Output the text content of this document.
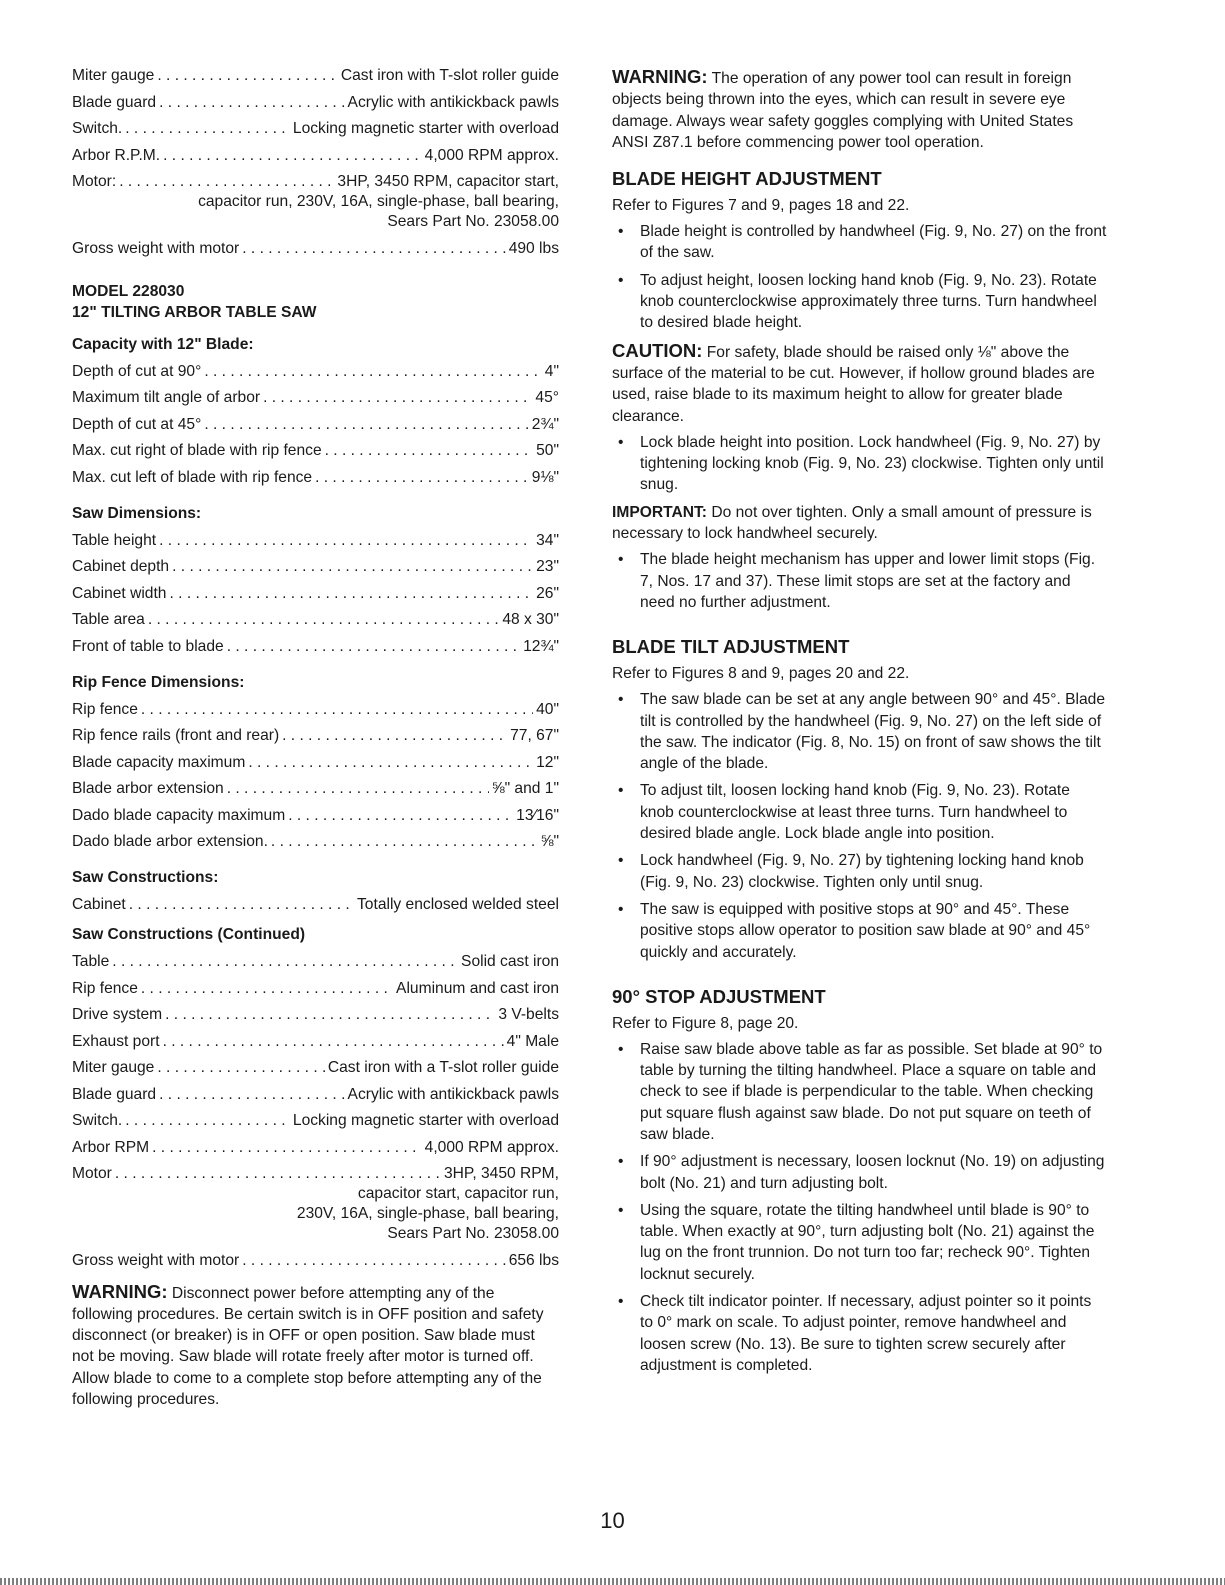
Miter gauge . . .	Cast iron with T-slot roller guide
Blade guard . . .	Acrylic with antikickback pawls
Switch. . . .	Locking magnetic starter with overload
Arbor R.P.M. . . .	4,000 RPM approx.
Motor: . . .	3HP, 3450 RPM, capacitor start,
capacitor run, 230V, 16A, single-phase, ball bearing,
Sears Part No. 23058.00
Gross weight with motor . . .	490 lbs
MODEL 228030
12" TILTING ARBOR TABLE SAW
Capacity with 12" Blade:
Depth of cut at 90° . . .	4"
Maximum tilt angle of arbor . . .	45°
Depth of cut at 45° . . .	2¾"
Max. cut right of blade with rip fence . . .	50"
Max. cut left of blade with rip fence . . .	9⅛"
Saw Dimensions:
Table height . . .	34"
Cabinet depth . . .	23"
Cabinet width . . .	26"
Table area . . .	48 x 30"
Front of table to blade . . .	12¾"
Rip Fence Dimensions:
Rip fence . . .	40"
Rip fence rails (front and rear) . . .	77, 67"
Blade capacity maximum . . .	12"
Blade arbor extension . . .	⅝" and 1"
Dado blade capacity maximum . . .	13⁄16"
Dado blade arbor extension. . . .	⅝"
Saw Constructions:
Cabinet . . .	Totally enclosed welded steel
Saw Constructions (Continued)
Table . . .	Solid cast iron
Rip fence . . .	Aluminum and cast iron
Drive system . . .	3 V-belts
Exhaust port . . .	4" Male
Miter gauge . . .	Cast iron with a T-slot roller guide
Blade guard . . .	Acrylic with antikickback pawls
Switch. . . .	Locking magnetic starter with overload
Arbor RPM . . .	4,000 RPM approx.
Motor . . .	3HP, 3450 RPM,
capacitor start, capacitor run,
230V, 16A, single-phase, ball bearing,
Sears Part No. 23058.00
Gross weight with motor . . .	656 lbs
WARNING: Disconnect power before attempting any of the following procedures. Be certain switch is in OFF position and safety disconnect (or breaker) is in OFF or open position. Saw blade must not be moving. Saw blade will rotate freely after motor is turned off. Allow blade to come to a complete stop before attempting any of the following procedures.
WARNING: The operation of any power tool can result in foreign objects being thrown into the eyes, which can result in severe eye damage. Always wear safety goggles complying with United States ANSI Z87.1 before commencing power tool operation.
BLADE HEIGHT ADJUSTMENT
Refer to Figures 7 and 9, pages 18 and 22.
• Blade height is controlled by handwheel (Fig. 9, No. 27) on the front of the saw.
• To adjust height, loosen locking hand knob (Fig. 9, No. 23). Rotate knob counterclockwise approximately three turns. Turn handwheel to desired blade height.
CAUTION: For safety, blade should be raised only ⅛" above the surface of the material to be cut. However, if hollow ground blades are used, raise blade to its maximum height to allow for greater blade clearance.
• Lock blade height into position. Lock handwheel (Fig. 9, No. 27) by tightening locking knob (Fig. 9, No. 23) clockwise. Tighten only until snug.
IMPORTANT: Do not over tighten. Only a small amount of pressure is necessary to lock handwheel securely.
• The blade height mechanism has upper and lower limit stops (Fig. 7, Nos. 17 and 37). These limit stops are set at the factory and need no further adjustment.
BLADE TILT ADJUSTMENT
Refer to Figures 8 and 9, pages 20 and 22.
• The saw blade can be set at any angle between 90° and 45°. Blade tilt is controlled by the handwheel (Fig. 9, No. 27) on the left side of the saw. The indicator (Fig. 8, No. 15) on front of saw shows the tilt angle of the blade.
• To adjust tilt, loosen locking hand knob (Fig. 9, No. 23). Rotate knob counterclockwise at least three turns. Turn handwheel to desired blade angle. Lock blade angle into position.
• Lock handwheel (Fig. 9, No. 27) by tightening locking hand knob (Fig. 9, No. 23) clockwise. Tighten only until snug.
• The saw is equipped with positive stops at 90° and 45°. These positive stops allow operator to position saw blade at 90° and 45° quickly and accurately.
90° STOP ADJUSTMENT
Refer to Figure 8, page 20.
• Raise saw blade above table as far as possible. Set blade at 90° to table by turning the tilting handwheel. Place a square on table and check to see if blade is perpendicular to the table. When checking put square flush against saw blade. Do not put square on teeth of saw blade.
• If 90° adjustment is necessary, loosen locknut (No. 19) on adjusting bolt (No. 21) and turn adjusting bolt.
• Using the square, rotate the tilting handwheel until blade is 90° to table. When exactly at 90°, turn adjusting bolt (No. 21) against the lug on the front trunnion. Do not turn too far; recheck 90°. Tighten locknut securely.
• Check tilt indicator pointer. If necessary, adjust pointer so it points to 0° mark on scale. To adjust pointer, remove handwheel and loosen screw (No. 13). Be sure to tighten screw securely after adjustment is completed.
10
